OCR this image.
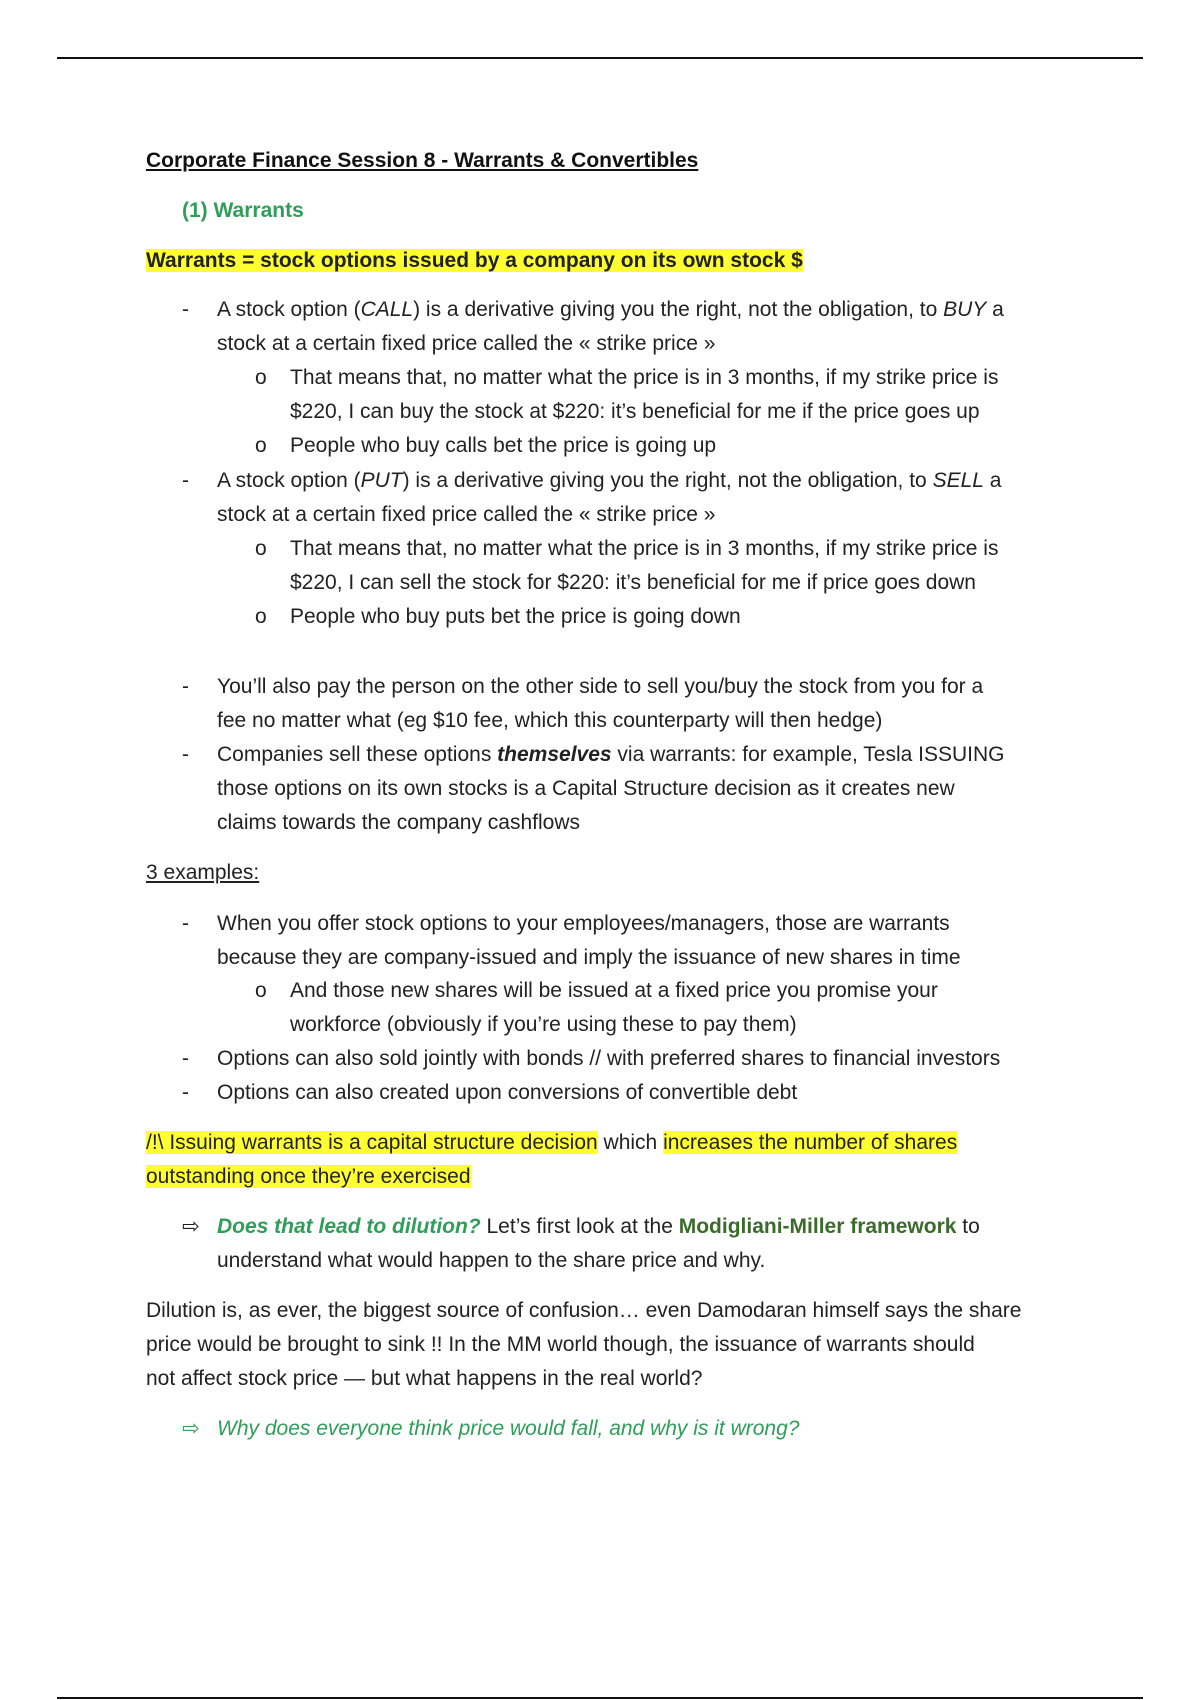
Corporate Finance Session 8 - Warrants & Convertibles
(1) Warrants
Warrants = stock options issued by a company on its own stock $
- A stock option (CALL) is a derivative giving you the right, not the obligation, to BUY a
stock at a certain fixed price called the « strike price »
o That means that, no matter what the price is in 3 months, if my strike price is
$220, I can buy the stock at $220: it’s beneficial for me if the price goes up
o People who buy calls bet the price is going up
- A stock option (PUT) is a derivative giving you the right, not the obligation, to SELL a
stock at a certain fixed price called the « strike price »
o That means that, no matter what the price is in 3 months, if my strike price is
$220, I can sell the stock for $220: it’s beneficial for me if price goes down
o People who buy puts bet the price is going down
- You’ll also pay the person on the other side to sell you/buy the stock from you for a
fee no matter what (eg $10 fee, which this counterparty will then hedge)
- Companies sell these options themselves via warrants: for example, Tesla ISSUING
those options on its own stocks is a Capital Structure decision as it creates new
claims towards the company cashflows
3 examples:
- When you offer stock options to your employees/managers, those are warrants
because they are company-issued and imply the issuance of new shares in time
o And those new shares will be issued at a fixed price you promise your
workforce (obviously if you’re using these to pay them)
- Options can also sold jointly with bonds // with preferred shares to financial investors
- Options can also created upon conversions of convertible debt
/!\ Issuing warrants is a capital structure decision which increases the number of shares
outstanding once they’re exercised
⇨ Does that lead to dilution? Let’s first look at the Modigliani-Miller framework to
understand what would happen to the share price and why.
Dilution is, as ever, the biggest source of confusion… even Damodaran himself says the share
price would be brought to sink !! In the MM world though, the issuance of warrants should
not affect stock price — but what happens in the real world?
⇨ Why does everyone think price would fall, and why is it wrong?
